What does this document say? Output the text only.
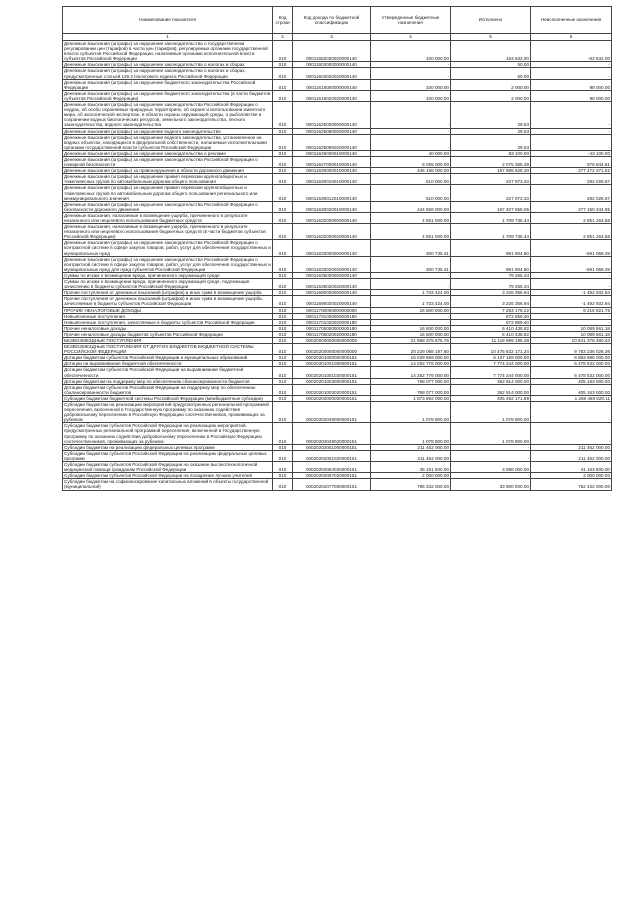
Наименование показателя	Код строки	Код дохода по бюджетной классификации	Утвержденные бюджетные назначения	Исполнено	Неисполненные назначения
1	2	3	4	5	6
Денежные взыскания (штрафы) за нарушение законодательства о государственном регулировании цен (тарифов) в части цен (тарифов), регулируемых органами государственной власти субъектов Российской Федерации, налагаемые органами исполнительной власти субъектов Российской Федерации	010	00011652030020000140	100 000.00	163 632.00	-63 632.00
Денежные взыскания (штрафы) за нарушение законодательства о налогах и сборах	010	00011603000000000140	-	50.00	-
Денежные взыскания (штрафы) за нарушение законодательства о налогах и сборах, предусмотренные статьей 129.2 Налогового кодекса Российской Федерации	010	00011603020020000140	-	50.00	-
Денежные взыскания (штрафы) за нарушение бюджетного законодательства Российской Федерации	010	00011618000000000140	100 000.00	2 000.00	98 000.00
Денежные взыскания (штрафы) за нарушение бюджетного законодательства (в части бюджетов субъектов Российской Федерации)	010	00011618020020000140	100 000.00	2 000.00	98 000.00
Денежные взыскания (штрафы) за нарушение законодательства Российской Федерации о недрах, об особо охраняемых природных территориях, об охране и использовании животного мира, об экологической экспертизе, в области охраны окружающей среды, о рыболовстве и сохранении водных биологических ресурсов, земельного законодательства, лесного законодательства, водного законодательства	010	00011625000000000140	-	29.53	-
Денежные взыскания (штрафы) за нарушение водного законодательства	010	00011625080000000140	-	29.53	-
Денежные взыскания (штрафы) за нарушение водного законодательства, установленное на водных объектах, находящихся в федеральной собственности, налагаемые исполнительными органами государственной власти субъектов Российской Федерации	010	00011625085020000140	-	29.53	-
Денежные взыскания (штрафы) за нарушение законодательства о рекламе	010	00011626000010000140	40 000.00	83 100.00	-43 100.00
Денежные взыскания (штрафы) за нарушение законодательства Российской Федерации о пожарной безопасности	010	00011627000010000140	8 055 000.00	2 075 365.39	979 844.61
Денежные взыскания (штрафы) за правонарушения в области дорожного движения	010	00011630000010000140	445 158 000.00	167 685 628.30	277 472 371.62
Денежные взыскания (штрафы) за нарушение правил перевозки крупногабаритных и тяжеловесных грузов по автомобильным дорогам общего пользования	010	00011630010010000140	510 000.00	227 973.33	282 026.67
Денежные взыскания (штрафы) за нарушение правил перевозки крупногабаритных и тяжеловесных грузов по автомобильным дорогам общего пользования регионального или межмуниципального значения	010	00011630012010000140	510 000.00	227 973.33	282 026.67
Денежные взыскания (штрафы) за нарушение законодательства Российской Федерации о безопасности дорожного движения	010	00011630020010000140	444 558 000.00	167 407 655.05	277 150 344.95
Денежные взыскания, налагаемые в возмещение ущерба, причиненного в результате незаконного или нецелевого использования бюджетных средств	010	00011632000000000140	4 561 000.00	1 709 735.44	2 851 264.56
Денежные взыскания, налагаемые в возмещение ущерба, причиненного в результате незаконного или нецелевого использования бюджетных средств (в части бюджетов субъектов Российской Федерации)	010	00011632000020000140	4 561 000.00	1 709 735.44	2 851 264.56
Денежные взыскания (штрафы) за нарушение законодательства Российской Федерации о контрактной системе в сфере закупок товаров, работ, услуг для обеспечения государственных и муниципальных нужд	010	00011633000000000140	300 735.31	991 804.60	-691 069.29
Денежные взыскания (штрафы) за нарушение законодательства Российской Федерации о контрактной системе в сфере закупок товаров, работ, услуг для обеспечения государственных и муниципальных нужд для нужд субъектов Российской Федерации	010	00011633020020000140	300 735.31	991 804.60	-691 069.29
Суммы по искам о возмещении вреда, причиненного окружающей среде	010	00011635000000000140	-	79 265.34	-
Суммы по искам о возмещении вреда, причиненного окружающей среде, подлежащие зачислению в бюджеты субъектов Российской Федерации	010	00011635020020000140	-	79 265.34	-
Прочие поступления от денежных взысканий (штрафов) и иных сумм в возмещение ущерба	010	00011690000000000140	1 733 424.00	3 226 356.94	-1 492 932.94
Прочие поступления от денежных взысканий (штрафов) и иных сумм в возмещение ущерба, зачисляемые в бюджеты субъектов Российской Федерации	010	00011690020020000140	1 733 424.00	3 226 356.94	-1 492 932.94
ПРОЧИЕ НЕНАЛОГОВЫЕ ДОХОДЫ	010	00011700000000000000	16 500 000.00	7 283 178.22	9 216 821.78
Невыясненные поступления	010	00011701000000000180	-	872 859.40	-
Невыясненные поступления, зачисляемые в бюджеты субъектов Российской Федерации	010	00011701020020000180	-	872 859.40	-
Прочие неналоговые доходы	010	00011705000000000180	16 500 000.00	6 410 438.82	10 089 561.18
Прочие неналоговые доходы бюджетов субъектов Российской Федерации	010	00011705020020000180	16 500 000.00	6 410 438.82	10 089 561.18
БЕЗВОЗМЕЗДНЫЕ ПОСТУПЛЕНИЯ	010	00020000000000000000	21 958 375 675.76	11 118 999 195.38	10 841 376 480.43
БЕЗВОЗМЕЗДНЫЕ ПОСТУПЛЕНИЯ ОТ ДРУГИХ БЮДЖЕТОВ БЮДЖЕТНОЙ СИСТЕМЫ РОССИЙСКОЙ ФЕДЕРАЦИИ	010	00020200000000000000	20 229 068 197.60	10 475 832 171.24	9 753 236 026.36
Дотации бюджетам субъектов Российской Федерации и муниципальных образований	010	00020201000000000151	15 029 859 000.00	8 137 159 000.00	6 883 695 000.00
Дотации на выравнивание бюджетной обеспеченности	010	00020201001000000151	14 252 776 000.00	7 774 244 000.00	6 478 532 000.00
Дотации бюджетам субъектов Российской Федерации на выравнивание бюджетной обеспеченности	010	00020201001020000151	14 252 776 000.00	7 774 244 000.00	6 478 532 000.00
Дотации бюджетам на поддержку мер по обеспечению сбалансированности бюджетов	010	00020201003000000151	768 077 000.00	362 914 000.00	405 163 000.00
Дотации бюджетам субъектов Российской Федерации на поддержку мер по обеспечению сбалансированности бюджетов	010	00020201003020000151	768 077 000.00	362 914 000.00	405 163 000.00
Субсидии бюджетам бюджетной системы Российской Федерации (межбюджетные субсидии)	010	00020202000000000151	1 873 892 000.00	405 492 171.89	1 268 469 828.11
Субсидии бюджетам на реализацию мероприятий предусмотренных региональной программой переселения, включенной в Государственную программу по оказанию содействия добровольному переселению в Российскую Федерацию соотечественников, проживающих за рубежом	010	00020202049000000151	1 078 800.00	1 078 800.00	-
Субсидии бюджетам субъектов Российской Федерации на реализацию мероприятий, предусмотренных региональной программой переселения, включенной в Государственную программу по оказанию содействия добровольному переселению в Российскую Федерацию соотечественников, проживающих за рубежом	010	00020202049020000151	1 078 800.00	1 078 800.00	-
Субсидии бюджетам на реализацию федеральных целевых программ	010	00020202051000000151	211 462 000.00	-	211 462 000.00
Субсидии бюджетам субъектов Российской Федерации на реализацию федеральных целевых программ	010	00020202051020000151	211 462 000.00	-	211 462 000.00
Субсидии бюджетам субъектов Российской Федерации на оказание высокотехнологичной медицинской помощи гражданам Российской Федерации	010	00020202054020000151	45 161 500.00	3 998 000.00	41 163 500.00
Субсидии бюджетам субъектов Российской Федерации на поощрение лучших учителей	010	00020202067020000151	2 000 000.00	-	2 000 000.00
Субсидии бюджетам на софинансирование капитальных вложений в объекты государственной (муниципальной)	010	00020202077000000151	786 332 000.00	33 900 000.00	752 432 000.00
